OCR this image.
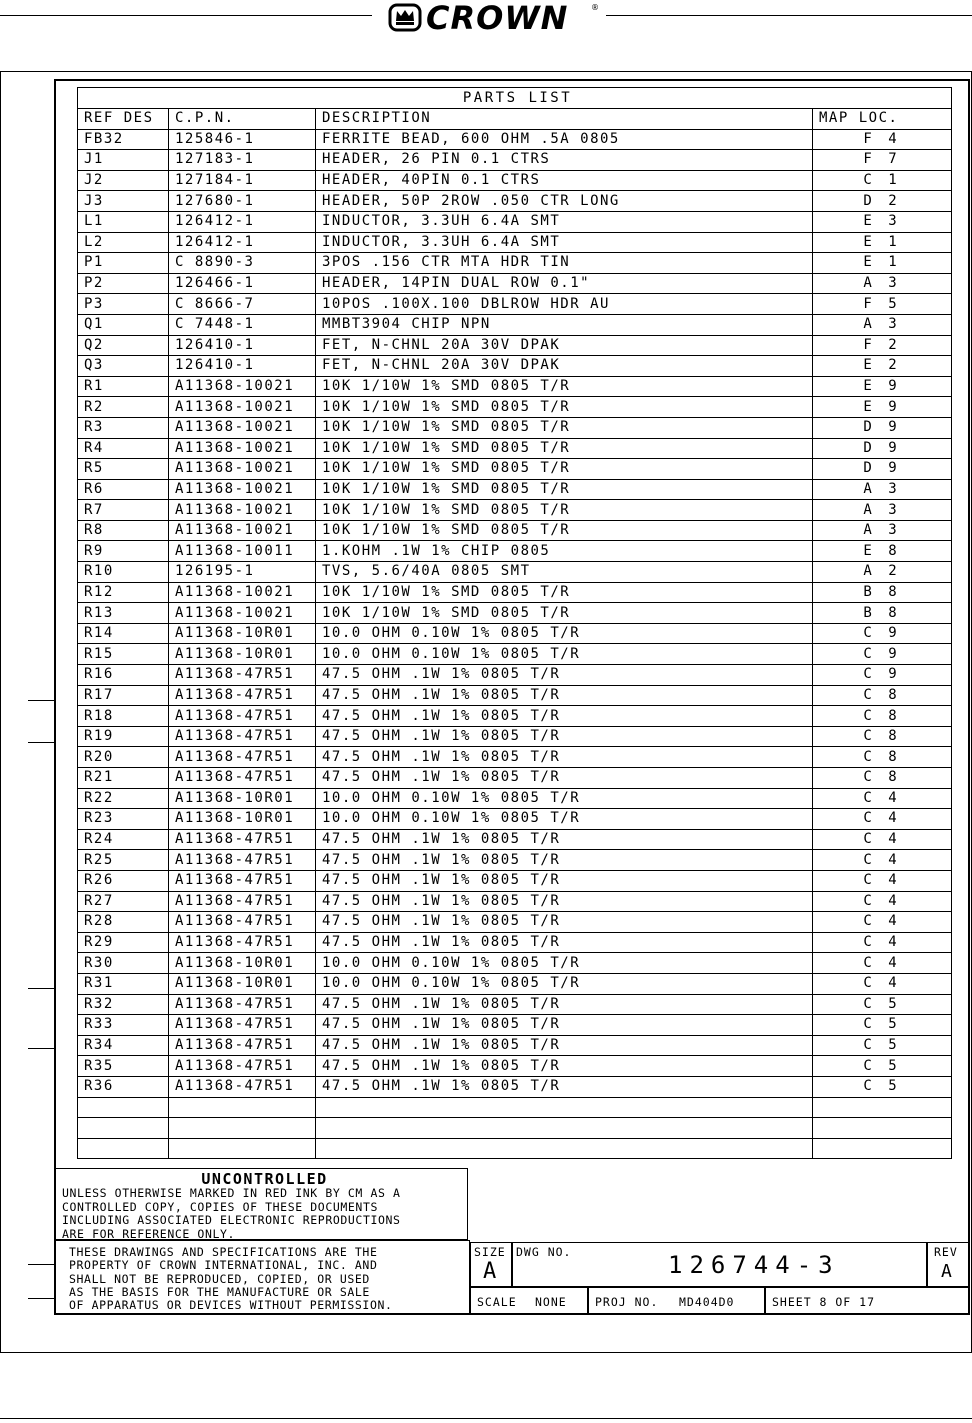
CROWN	®
PARTS LIST			
REF DES	C.P.N.	DESCRIPTION	MAP LOC.
FB32	125846-1	FERRITE BEAD, 600 OHM .5A 0805	F 4
J1	127183-1	HEADER, 26 PIN 0.1 CTRS	F 7
J2	127184-1	HEADER, 40PIN 0.1 CTRS	C 1
J3	127680-1	HEADER, 50P 2ROW .050 CTR LONG	D 2
L1	126412-1	INDUCTOR, 3.3UH 6.4A SMT	E 3
L2	126412-1	INDUCTOR, 3.3UH 6.4A SMT	E 1
P1	C 8890-3	3POS .156 CTR MTA HDR TIN	E 1
P2	126466-1	HEADER, 14PIN DUAL ROW 0.1"	A 3
P3	C 8666-7	10POS .100X.100 DBLROW HDR AU	F 5
Q1	C 7448-1	MMBT3904 CHIP NPN	A 3
Q2	126410-1	FET, N-CHNL 20A 30V DPAK	F 2
Q3	126410-1	FET, N-CHNL 20A 30V DPAK	E 2
R1	A11368-10021	10K 1/10W 1% SMD 0805 T/R	E 9
R2	A11368-10021	10K 1/10W 1% SMD 0805 T/R	E 9
R3	A11368-10021	10K 1/10W 1% SMD 0805 T/R	D 9
R4	A11368-10021	10K 1/10W 1% SMD 0805 T/R	D 9
R5	A11368-10021	10K 1/10W 1% SMD 0805 T/R	D 9
R6	A11368-10021	10K 1/10W 1% SMD 0805 T/R	A 3
R7	A11368-10021	10K 1/10W 1% SMD 0805 T/R	A 3
R8	A11368-10021	10K 1/10W 1% SMD 0805 T/R	A 3
R9	A11368-10011	1.KOHM .1W 1% CHIP 0805	E 8
R10	126195-1	TVS, 5.6/40A 0805 SMT	A 2
R12	A11368-10021	10K 1/10W 1% SMD 0805 T/R	B 8
R13	A11368-10021	10K 1/10W 1% SMD 0805 T/R	B 8
R14	A11368-10R01	10.0 OHM 0.10W 1% 0805 T/R	C 9
R15	A11368-10R01	10.0 OHM 0.10W 1% 0805 T/R	C 9
R16	A11368-47R51	47.5 OHM .1W 1% 0805 T/R	C 9
R17	A11368-47R51	47.5 OHM .1W 1% 0805 T/R	C 8
R18	A11368-47R51	47.5 OHM .1W 1% 0805 T/R	C 8
R19	A11368-47R51	47.5 OHM .1W 1% 0805 T/R	C 8
R20	A11368-47R51	47.5 OHM .1W 1% 0805 T/R	C 8
R21	A11368-47R51	47.5 OHM .1W 1% 0805 T/R	C 8
R22	A11368-10R01	10.0 OHM 0.10W 1% 0805 T/R	C 4
R23	A11368-10R01	10.0 OHM 0.10W 1% 0805 T/R	C 4
R24	A11368-47R51	47.5 OHM .1W 1% 0805 T/R	C 4
R25	A11368-47R51	47.5 OHM .1W 1% 0805 T/R	C 4
R26	A11368-47R51	47.5 OHM .1W 1% 0805 T/R	C 4
R27	A11368-47R51	47.5 OHM .1W 1% 0805 T/R	C 4
R28	A11368-47R51	47.5 OHM .1W 1% 0805 T/R	C 4
R29	A11368-47R51	47.5 OHM .1W 1% 0805 T/R	C 4
R30	A11368-10R01	10.0 OHM 0.10W 1% 0805 T/R	C 4
R31	A11368-10R01	10.0 OHM 0.10W 1% 0805 T/R	C 4
R32	A11368-47R51	47.5 OHM .1W 1% 0805 T/R	C 5
R33	A11368-47R51	47.5 OHM .1W 1% 0805 T/R	C 5
R34	A11368-47R51	47.5 OHM .1W 1% 0805 T/R	C 5
R35	A11368-47R51	47.5 OHM .1W 1% 0805 T/R	C 5
R36	A11368-47R51	47.5 OHM .1W 1% 0805 T/R	C 5

UNCONTROLLED
UNLESS OTHERWISE MARKED IN RED INK BY CM AS A
CONTROLLED COPY, COPIES OF THESE DOCUMENTS
INCLUDING ASSOCIATED ELECTRONIC REPRODUCTIONS
ARE FOR REFERENCE ONLY.
THESE DRAWINGS AND SPECIFICATIONS ARE THE
PROPERTY OF CROWN INTERNATIONAL, INC. AND
SHALL NOT BE REPRODUCED, COPIED, OR USED
AS THE BASIS FOR THE MANUFACTURE OR SALE
OF APPARATUS OR DEVICES WITHOUT PERMISSION.
SIZE
A
DWG NO.	126744-3	REV
A
SCALE NONE PROJ NO. MD404D0	SHEET 8 OF 17
